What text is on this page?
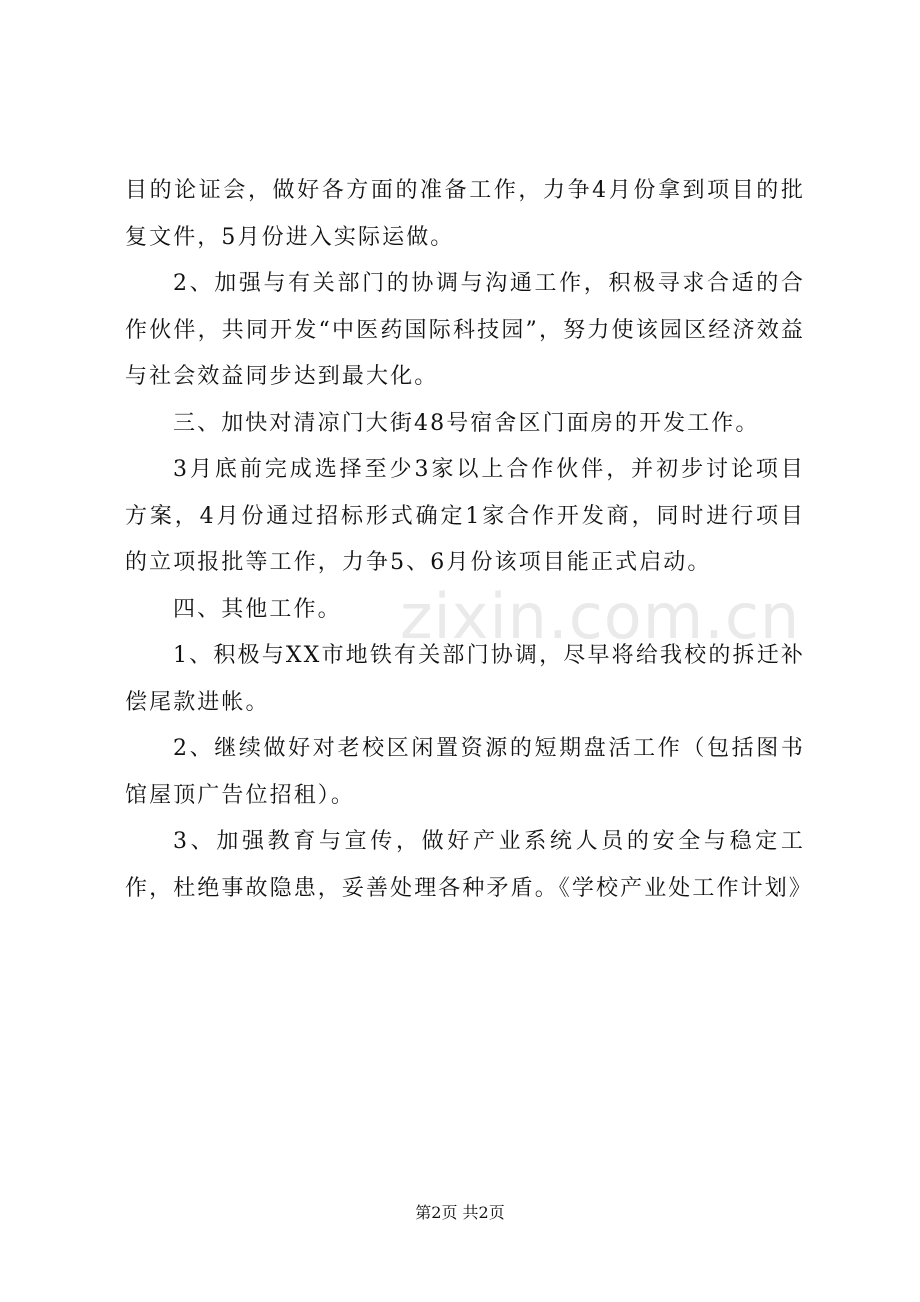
目的论证会，做好各方面的准备工作，力争4月份拿到项目的批复文件，5月份进入实际运做。

2、加强与有关部门的协调与沟通工作，积极寻求合适的合作伙伴，共同开发“中医药国际科技园”，努力使该园区经济效益与社会效益同步达到最大化。

三、加快对清凉门大街48号宿舍区门面房的开发工作。

3月底前完成选择至少3家以上合作伙伴，并初步讨论项目方案，4月份通过招标形式确定1家合作开发商，同时进行项目的立项报批等工作，力争5、6月份该项目能正式启动。

四、其他工作。

1、积极与XX市地铁有关部门协调，尽早将给我校的拆迁补偿尾款进帐。

2、继续做好对老校区闲置资源的短期盘活工作（包括图书馆屋顶广告位招租）。

3、加强教育与宣传，做好产业系统人员的安全与稳定工作，杜绝事故隐患，妥善处理各种矛盾。《学校产业处工作计划》

zixin.com.cn
第2页 共2页
